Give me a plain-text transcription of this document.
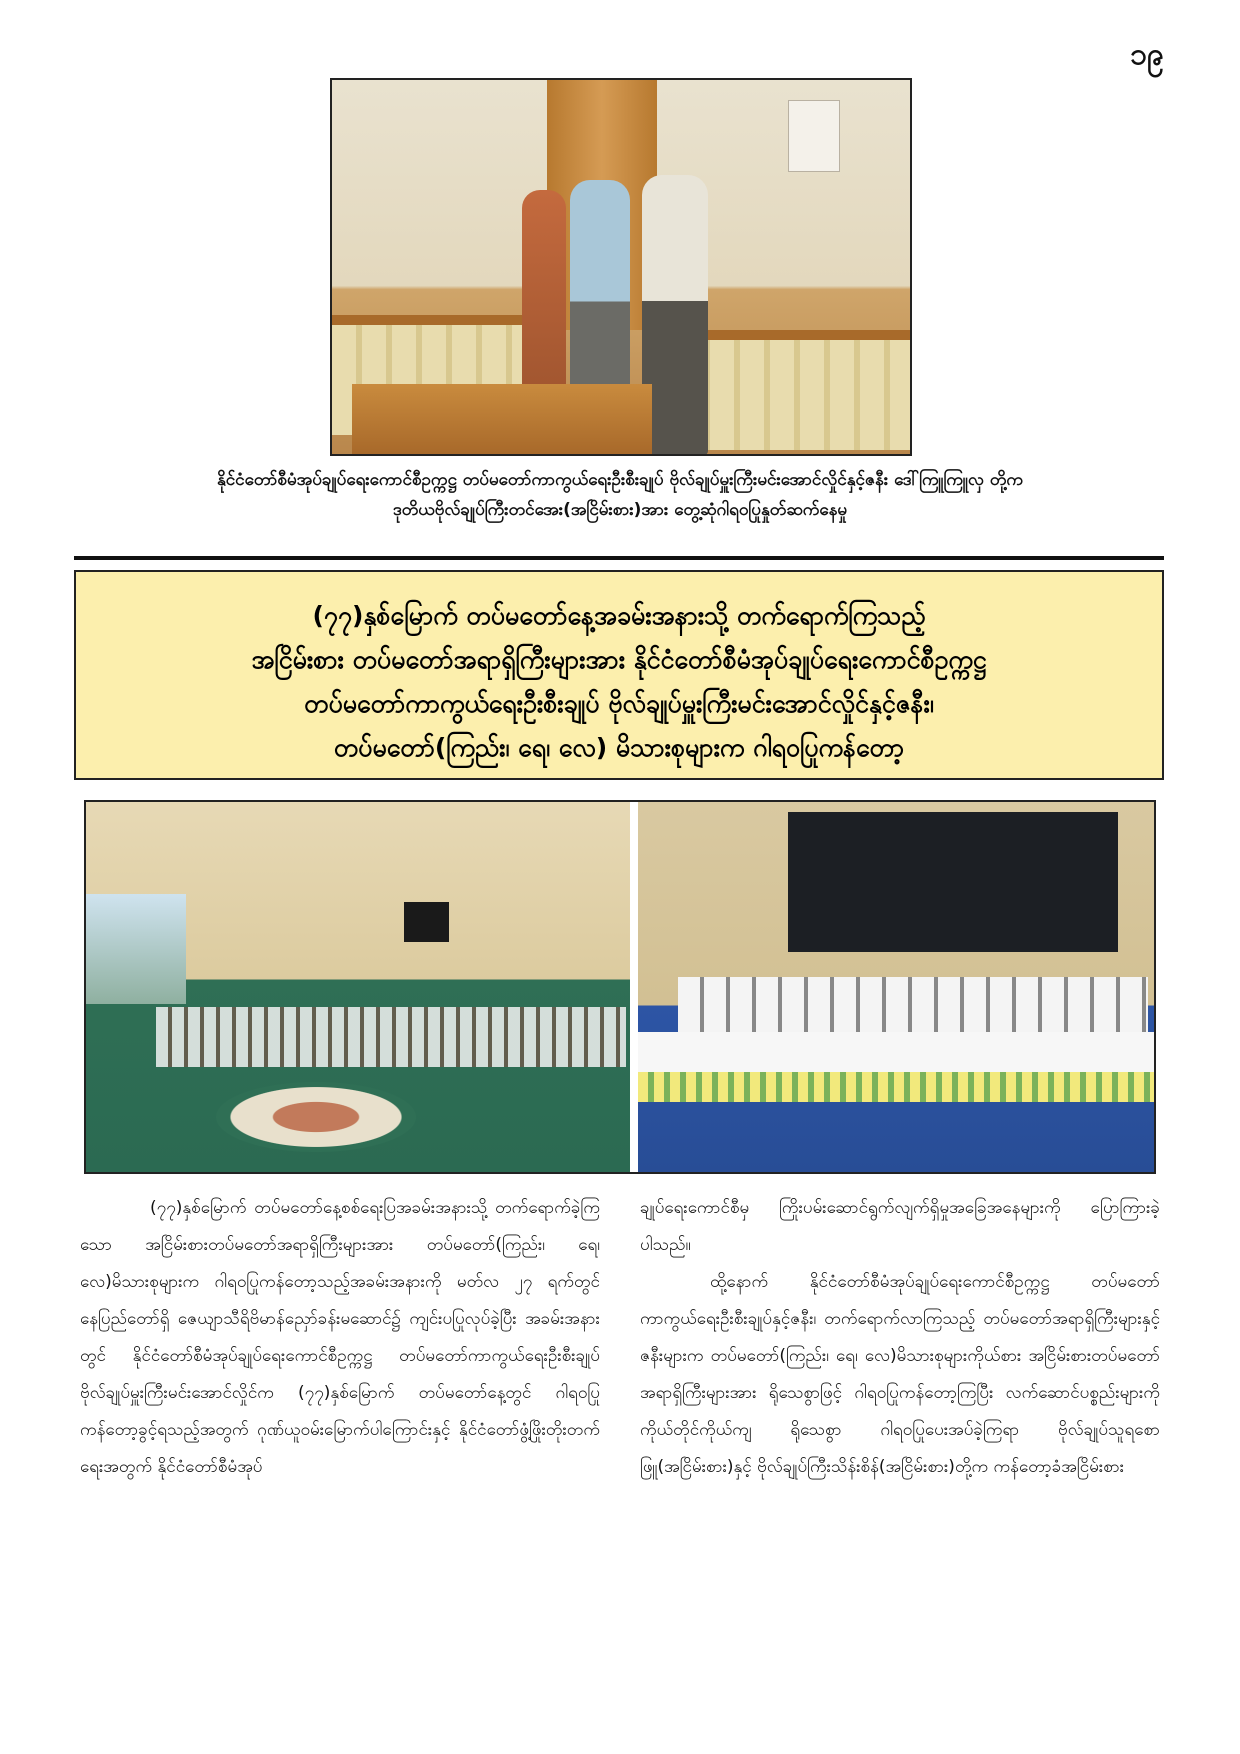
၁၉
နိုင်ငံတော်စီမံအုပ်ချုပ်ရေးကောင်စီဥက္ကဋ္ဌ တပ်မတော်ကာကွယ်ရေးဦးစီးချုပ် ဗိုလ်ချုပ်မှူးကြီးမင်းအောင်လှိုင်နှင့်ဇနီး ဒေါ်ကြူကြူလှ တို့က
ဒုတိယဗိုလ်ချုပ်ကြီးတင်အေး(အငြိမ်းစား)အား တွေ့ဆုံဂါရဝပြုနှုတ်ဆက်နေမှု
(၇၇)နှစ်မြောက် တပ်မတော်နေ့အခမ်းအနားသို့ တက်ရောက်ကြသည့်
အငြိမ်းစား တပ်မတော်အရာရှိကြီးများအား နိုင်ငံတော်စီမံအုပ်ချုပ်ရေးကောင်စီဥက္ကဋ္ဌ
တပ်မတော်ကာကွယ်ရေးဦးစီးချုပ် ဗိုလ်ချုပ်မှူးကြီးမင်းအောင်လှိုင်နှင့်ဇနီး၊
တပ်မတော်(ကြည်း၊ ရေ၊ လေ) မိသားစုများက ဂါရဝပြုကန်တော့

(၇၇)နှစ်မြောက် တပ်မတော်နေ့စစ်ရေးပြအခမ်းအနားသို့ တက်ရောက်ခဲ့ကြသော အငြိမ်းစားတပ်မတော်အရာရှိကြီးများအား တပ်မတော်(ကြည်း၊ ရေ၊ လေ)မိသားစုများက ဂါရဝပြုကန်တော့သည့်အခမ်းအနားကို မတ်လ ၂၇ ရက်တွင် နေပြည်တော်ရှိ ဇေယျာသီရိဗိမာန်ညှော်ခန်းမဆောင်၌ ကျင်းပပြုလုပ်ခဲ့ပြီး အခမ်းအနားတွင် နိုင်ငံတော်စီမံအုပ်ချုပ်ရေးကောင်စီဥက္ကဋ္ဌ တပ်မတော်ကာကွယ်ရေးဦးစီးချုပ် ဗိုလ်ချုပ်မှူးကြီးမင်းအောင်လှိုင်က (၇၇)နှစ်မြောက် တပ်မတော်နေ့တွင် ဂါရဝပြုကန်တော့ခွင့်ရသည့်အတွက် ဂုဏ်ယူဝမ်းမြောက်ပါကြောင်းနှင့် နိုင်ငံတော်ဖွံ့ဖြိုးတိုးတက်ရေးအတွက် နိုင်ငံတော်စီမံအုပ်

ချုပ်ရေးကောင်စီမှ ကြိုးပမ်းဆောင်ရွက်လျက်ရှိမှုအခြေအနေများကို ပြောကြားခဲ့ပါသည်။

ထို့နောက် နိုင်ငံတော်စီမံအုပ်ချုပ်ရေးကောင်စီဥက္ကဋ္ဌ တပ်မတော်ကာကွယ်ရေးဦးစီးချုပ်နှင့်ဇနီး၊ တက်ရောက်လာကြသည့် တပ်မတော်အရာရှိကြီးများနှင့်ဇနီးများက တပ်မတော်(ကြည်း၊ ရေ၊ လေ)မိသားစုများကိုယ်စား အငြိမ်းစားတပ်မတော်အရာရှိကြီးများအား ရိုသေစွာဖြင့် ဂါရဝပြုကန်တော့ကြပြီး လက်ဆောင်ပစ္စည်းများကို ကိုယ်တိုင်ကိုယ်ကျ ရိုသေစွာ ဂါရဝပြုပေးအပ်ခဲ့ကြရာ ဗိုလ်ချုပ်သူရစောဖြူ(အငြိမ်းစား)နှင့် ဗိုလ်ချုပ်ကြီးသိန်းစိန်(အငြိမ်းစား)တို့က ကန်တော့ခံအငြိမ်းစား
